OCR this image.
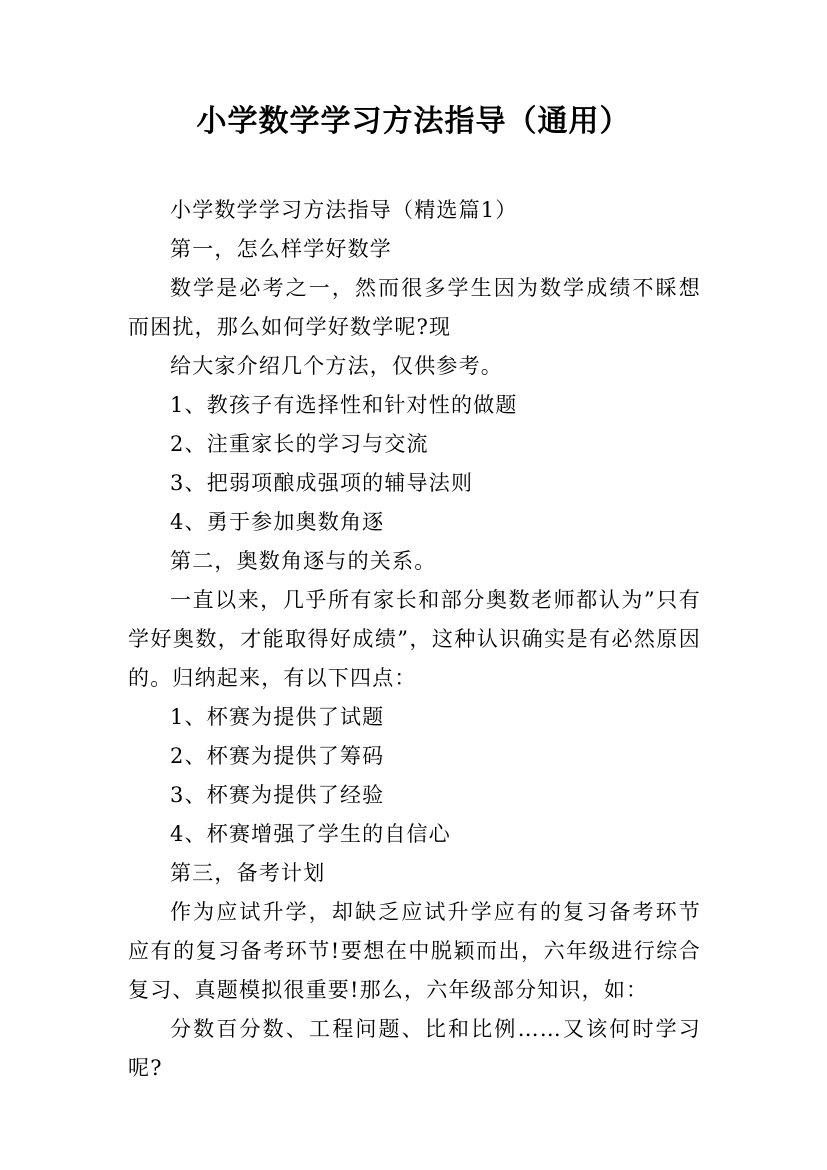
小学数学学习方法指导（通用）

小学数学学习方法指导（精选篇1）

第一，怎么样学好数学

数学是必考之一，然而很多学生因为数学成绩不睬想而困扰，那么如何学好数学呢?现

给大家介绍几个方法，仅供参考。

1、教孩子有选择性和针对性的做题

2、注重家长的学习与交流

3、把弱项酿成强项的辅导法则

4、勇于参加奥数角逐

第二，奥数角逐与的关系。

一直以来，几乎所有家长和部分奥数老师都认为”只有学好奥数，才能取得好成绩”，这种认识确实是有必然原因的。归纳起来，有以下四点：

1、杯赛为提供了试题

2、杯赛为提供了筹码

3、杯赛为提供了经验

4、杯赛增强了学生的自信心

第三，备考计划

作为应试升学，却缺乏应试升学应有的复习备考环节应有的复习备考环节!要想在中脱颖而出，六年级进行综合复习、真题模拟很重要!那么，六年级部分知识，如：

分数百分数、工程问题、比和比例……又该何时学习呢?
